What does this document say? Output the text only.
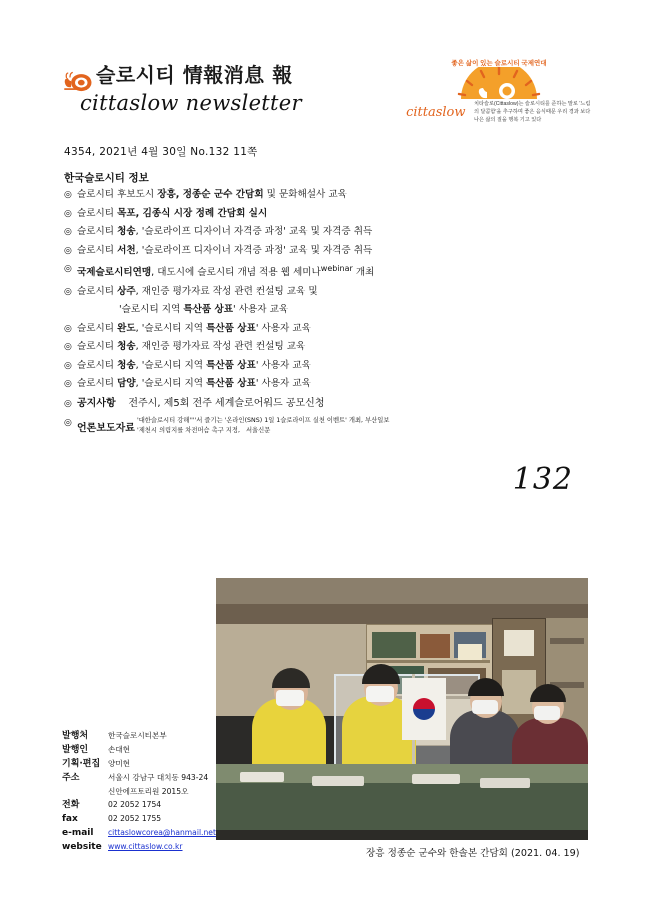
슬로시티 情報消息 報
cittaslow newsletter
좋은 삶이 있는 슬로시티 국제연대
cittaslow 치타슬로(Cittaslow)는 슬로시티를 준하는 말로 '느림의 달콤함'을 추구하며 좋은 음식때문 우리 경과 보다 나은 삶의 질을 행복 기고 있다
4354, 2021년 4월 30일 No.132 11쪽
한국슬로시티 정보
◎ 슬로시티 후보도시 장흥, 정종순 군수 간담회 및 문화해설사 교육
◎ 슬로시티 목포, 김종식 시장 정례 간담회 실시
◎ 슬로시티 청송, '슬로라이프 디자이너 자격증 과정' 교육 및 자격증 취득
◎ 슬로시티 서천, '슬로라이프 디자이너 자격증 과정' 교육 및 자격증 취득
◎ 국제슬로시티연맹, 대도시에 슬로시티 개념 적용 웹 세미나$^{webinar}$ 개최
◎ 슬로시티 상주, 재인증 평가자료 작성 관련 컨설팅 교육 및
'슬로시티 지역 특산품 상표' 사용자 교육
◎ 슬로시티 완도, '슬로시티 지역 특산품 상표' 사용자 교육
◎ 슬로시티 청송, 재인증 평가자료 작성 관련 컨설팅 교육
◎ 슬로시티 청송, '슬로시티 지역 특산품 상표' 사용자 교육
◎ 슬로시티 담양, '슬로시티 지역 특산품 상표' 사용자 교육
◎ 공지사항 전주시, 제5회 전주 세계슬로어워드 공모신청
◎ 언론보도자료
'대한슬로시티 강해''''서 즐기는 '온라인(SNS) 1일 1슬로라이프 실천 이벤트' 개최, 부산일보
'제천시 의림지를 차전머슴 촉구 지정, 서울신문
132
장흥 정종순 군수와 한솔본 간담회 (2021. 04. 19)
발행처	한국슬로시티본부
발행인	손대현
기획·편집	양미현
주소	서울시 강남구 대치동 943-24
신안에프토리원 2015오
전화	02 2052 1754
fax	02 2052 1755
e-mail	cittaslowcorea@hanmail.net
website www.cittaslow.co.kr
